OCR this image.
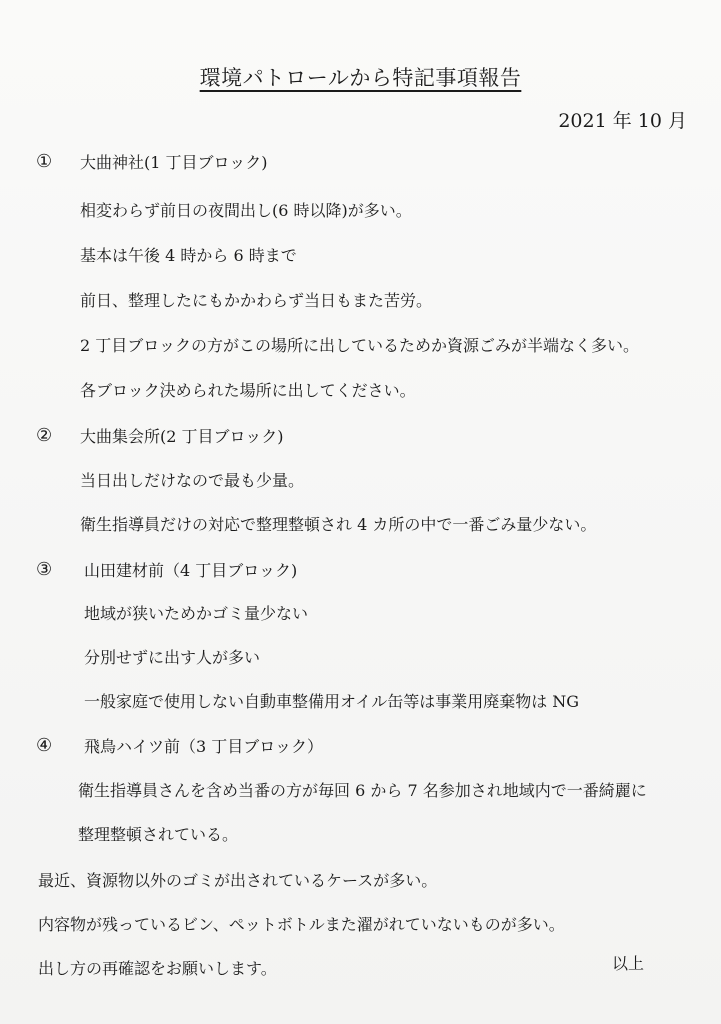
環境パトロールから特記事項報告
2021 年 10 月
① 大曲神社(1 丁目ブロック)
相変わらず前日の夜間出し(6 時以降)が多い。
基本は午後 4 時から 6 時まで
前日、整理したにもかかわらず当日もまた苦労。
2 丁目ブロックの方がこの場所に出しているためか資源ごみが半端なく多い。
各ブロック決められた場所に出してください。
② 大曲集会所(2 丁目ブロック)
当日出しだけなので最も少量。
衛生指導員だけの対応で整理整頓され 4 カ所の中で一番ごみ量少ない。
③ 山田建材前（4 丁目ブロック)
地域が狭いためかゴミ量少ない
分別せずに出す人が多い
一般家庭で使用しない自動車整備用オイル缶等は事業用廃棄物は NG
④ 飛鳥ハイツ前（3 丁目ブロック）
衛生指導員さんを含め当番の方が毎回 6 から 7 名参加され地域内で一番綺麗に
整理整頓されている。
最近、資源物以外のゴミが出されているケースが多い。
内容物が残っているビン、ペットボトルまた濯がれていないものが多い。
出し方の再確認をお願いします。	以上
